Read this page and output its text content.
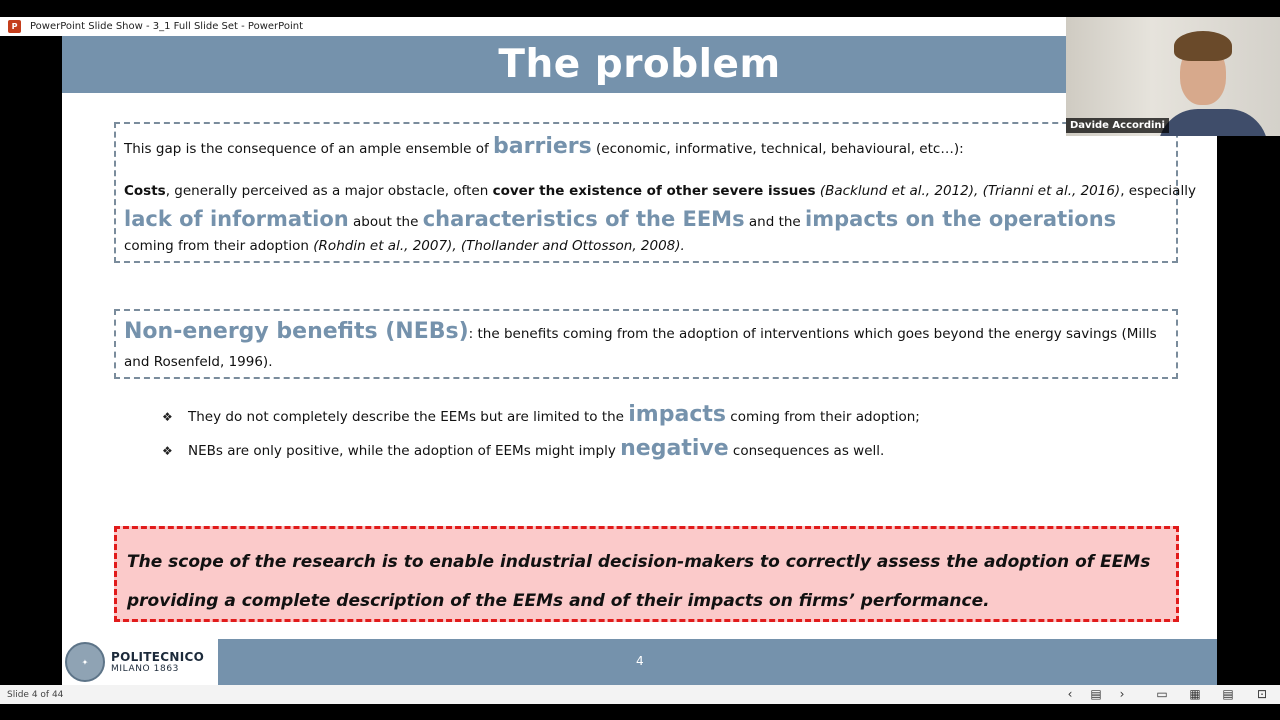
P	PowerPoint Slide Show - 3_1 Full Slide Set - PowerPoint
The problem
This gap is the consequence of an ample ensemble of barriers (economic, informative, technical, behavioural, etc…):
Costs, generally perceived as a major obstacle, often cover the existence of other severe issues (Backlund et al., 2012), (Trianni et al., 2016), especially
lack of information about the characteristics of the EEMs and the impacts on the operations
coming from their adoption (Rohdin et al., 2007), (Thollander and Ottosson, 2008).
Non-energy benefits (NEBs): the benefits coming from the adoption of interventions which goes beyond the energy savings (Mills
and Rosenfeld, 1996).
❖ They do not completely describe the EEMs but are limited to the impacts coming from their adoption;
❖ NEBs are only positive, while the adoption of EEMs might imply negative consequences as well.
The scope of the research is to enable industrial decision-makers to correctly assess the adoption of EEMs providing a complete description of the EEMs and of their impacts on firms’ performance.
✦	POLITECNICO
MILANO 1863
4
Davide Accordini
Slide 4 of 44	‹	▤	›	▭ ▦ ▤	⊡
